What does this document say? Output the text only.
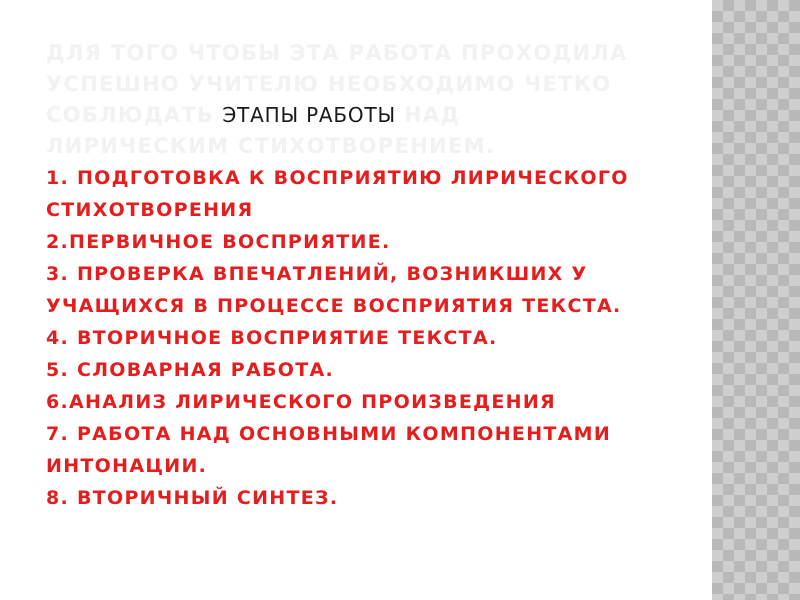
ДЛЯ ТОГО ЧТОБЫ ЭТА РАБОТА ПРОХОДИЛА
УСПЕШНО УЧИТЕЛЮ НЕОБХОДИМО ЧЕТКО
СОБЛЮДАТЬ ЭТАПЫ РАБОТЫ НАД
ЛИРИЧЕСКИМ СТИХОТВОРЕНИЕМ.

1. ПОДГОТОВКА К ВОСПРИЯТИЮ ЛИРИЧЕСКОГО СТИХОТВОРЕНИЯ
2.ПЕРВИЧНОЕ ВОСПРИЯТИЕ.
3. ПРОВЕРКА ВПЕЧАТЛЕНИЙ, ВОЗНИКШИХ У УЧАЩИХСЯ В ПРОЦЕССЕ ВОСПРИЯТИЯ ТЕКСТА.
4. ВТОРИЧНОЕ ВОСПРИЯТИЕ ТЕКСТА.
5. СЛОВАРНАЯ РАБОТА.
6.АНАЛИЗ ЛИРИЧЕСКОГО ПРОИЗВЕДЕНИЯ
7. РАБОТА НАД ОСНОВНЫМИ КОМПОНЕНТАМИ ИНТОНАЦИИ.
8. ВТОРИЧНЫЙ СИНТЕЗ.
